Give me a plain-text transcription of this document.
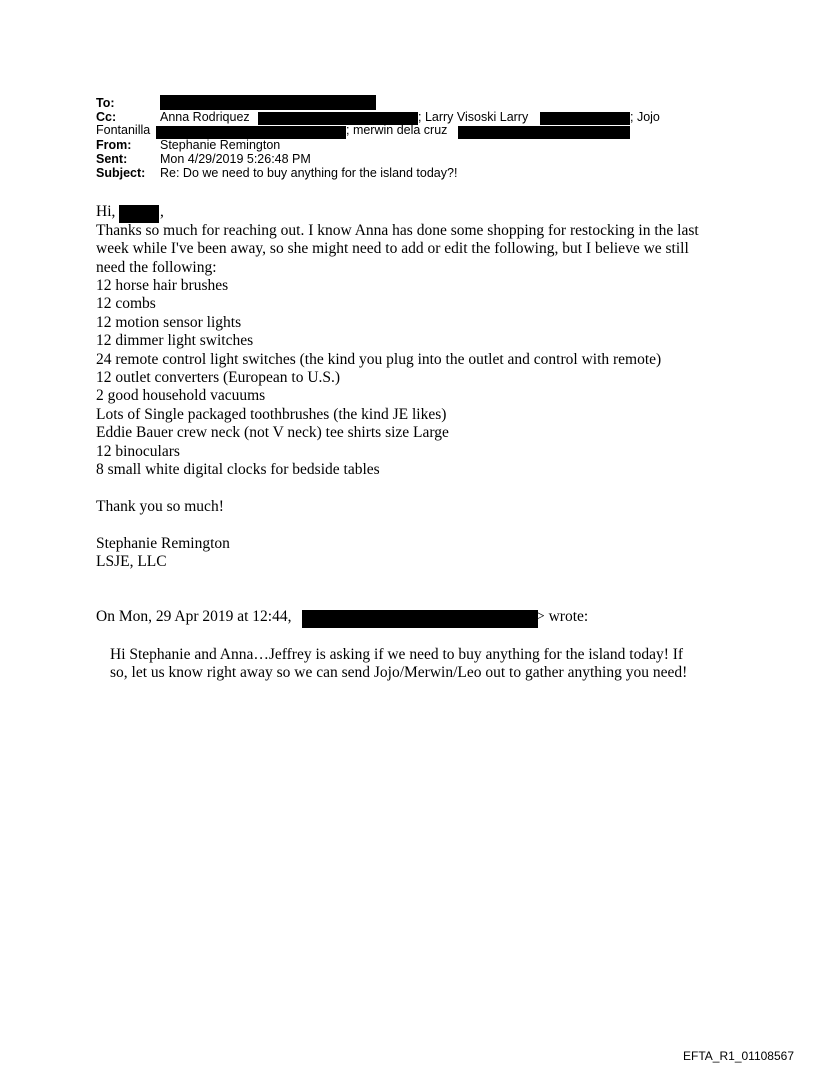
To:
Cc:	Anna Rodriquez	; Larry Visoski Larry	; Jojo
Fontanilla	; merwin dela cruz
From: Stephanie Remington
Sent:	Mon 4/29/2019 5:26:48 PM
Subject: Re: Do we need to buy anything for the island today?!
Hi,	,
Thanks so much for reaching out. I know Anna has done some shopping for restocking in the last
week while I've been away, so she might need to add or edit the following, but I believe we still
need the following:
12 horse hair brushes
12 combs
12 motion sensor lights
12 dimmer light switches
24 remote control light switches (the kind you plug into the outlet and control with remote)
12 outlet converters (European to U.S.)
2 good household vacuums
Lots of Single packaged toothbrushes (the kind JE likes)
Eddie Bauer crew neck (not V neck) tee shirts size Large
12 binoculars
8 small white digital clocks for bedside tables
Thank you so much!
Stephanie Remington
LSJE, LLC
On Mon, 29 Apr 2019 at 12:44,	> wrote:
Hi Stephanie and Anna…Jeffrey is asking if we need to buy anything for the island today! If
so, let us know right away so we can send Jojo/Merwin/Leo out to gather anything you need!
EFTA_R1_01108567
